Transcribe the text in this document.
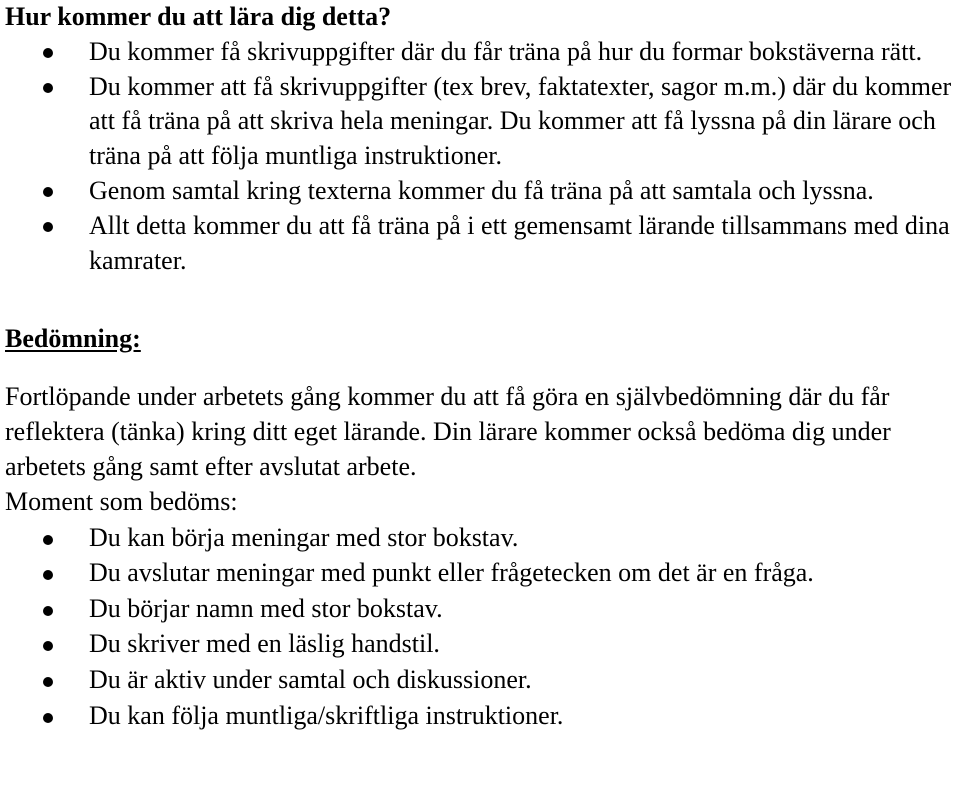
Hur kommer du att lära dig detta?

Du kommer få skrivuppgifter där du får träna på hur du formar bokstäverna rätt.
Du kommer att få skrivuppgifter (tex brev, faktatexter, sagor m.m.) där du kommer att få träna på att skriva hela meningar. Du kommer att få lyssna på din lärare och träna på att följa muntliga instruktioner.
Genom samtal kring texterna kommer du få träna på att samtala och lyssna.
Allt detta kommer du att få träna på i ett gemensamt lärande tillsammans med dina kamrater.

Bedömning:

Fortlöpande under arbetets gång kommer du att få göra en självbedömning där du får reflektera (tänka) kring ditt eget lärande. Din lärare kommer också bedöma dig under arbetets gång samt efter avslutat arbete.

Moment som bedöms:

Du kan börja meningar med stor bokstav.
Du avslutar meningar med punkt eller frågetecken om det är en fråga.
Du börjar namn med stor bokstav.
Du skriver med en läslig handstil.
Du är aktiv under samtal och diskussioner.
Du kan följa muntliga/skriftliga instruktioner.
